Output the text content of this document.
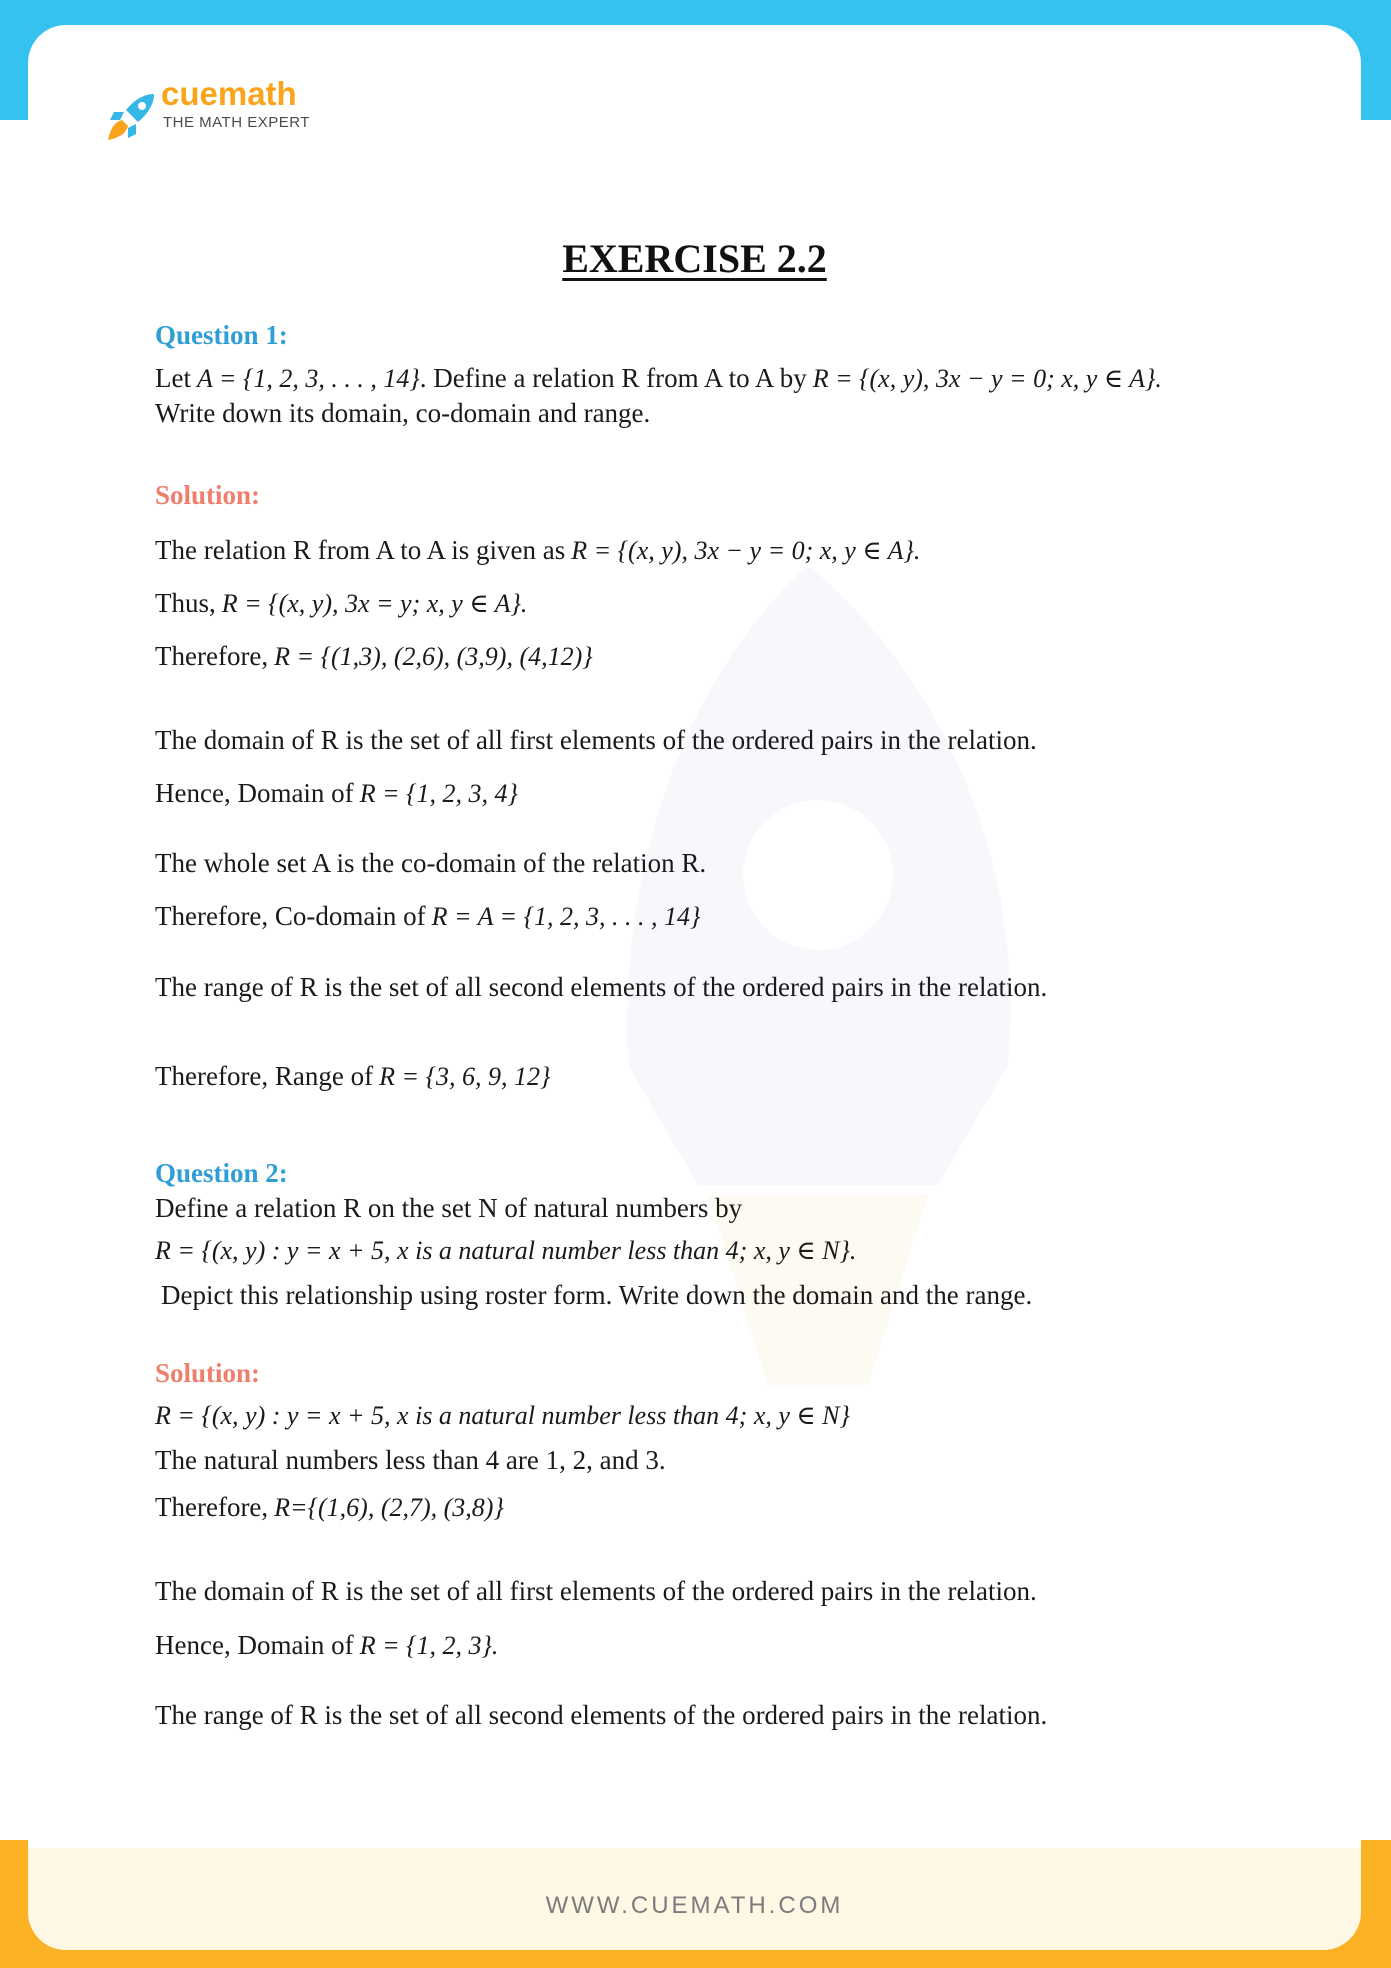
cuemath
THE MATH EXPERT
EXERCISE 2.2
Question 1:
Let A = {1, 2, 3, . . . , 14}. Define a relation R from A to A by R = {(x, y), 3x − y = 0; x, y ∈ A}.
Write down its domain, co-domain and range.
Solution:
The relation R from A to A is given as R = {(x, y), 3x − y = 0; x, y ∈ A}.
Thus, R = {(x, y), 3x = y; x, y ∈ A}.
Therefore, R = {(1,3), (2,6), (3,9), (4,12)}
The domain of R is the set of all first elements of the ordered pairs in the relation.
Hence, Domain of R = {1, 2, 3, 4}
The whole set A is the co-domain of the relation R.
Therefore, Co-domain of R = A = {1, 2, 3, . . . , 14}
The range of R is the set of all second elements of the ordered pairs in the relation.
Therefore, Range of R = {3, 6, 9, 12}
Question 2:
Define a relation R on the set N of natural numbers by
R = {(x, y) : y = x + 5, x is a natural number less than 4; x, y ∈ N}.
Depict this relationship using roster form. Write down the domain and the range.
Solution:
R = {(x, y) : y = x + 5, x is a natural number less than 4; x, y ∈ N}
The natural numbers less than 4 are 1, 2, and 3.
Therefore, R={(1,6), (2,7), (3,8)}
The domain of R is the set of all first elements of the ordered pairs in the relation.
Hence, Domain of R = {1, 2, 3}.
The range of R is the set of all second elements of the ordered pairs in the relation.
WWW.CUEMATH.COM
